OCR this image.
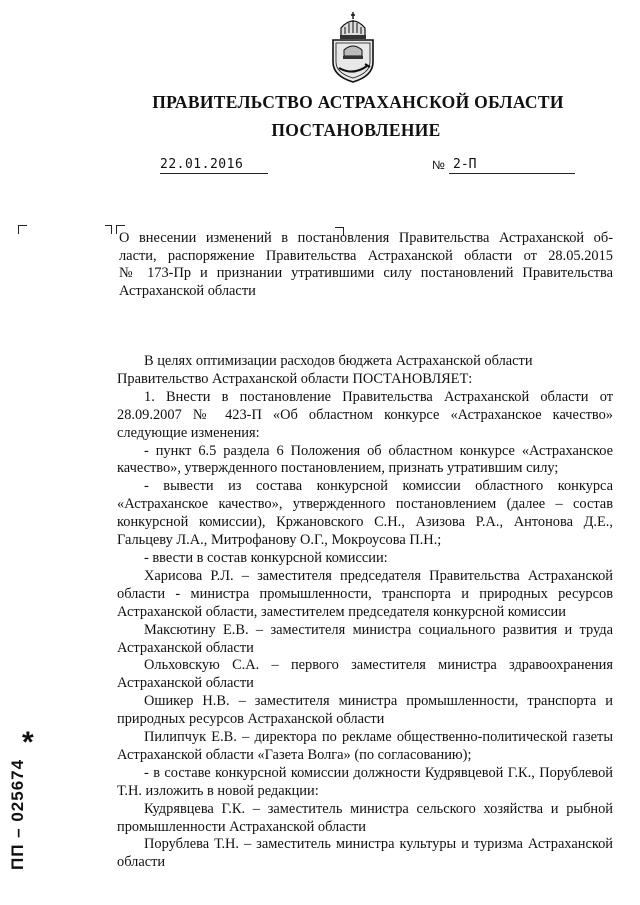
ПРАВИТЕЛЬСТВО АСТРАХАНСКОЙ ОБЛАСТИ
ПОСТАНОВЛЕНИЕ
22.01.2016	№ 2-П
О внесении изменений в постановления Правительства Астраханской об-
ласти, распоряжение Правительства Астраханской области от 28.05.2015
№ 173-Пр и признании утратившими силу постановлений Правительства
Астраханской области

В целях оптимизации расходов бюджета Астраханской области

Правительство Астраханской области ПОСТАНОВЛЯЕТ:

1. Внести в постановление Правительства Астраханской области от 28.09.2007 № 423-П «Об областном конкурсе «Астраханское качество» следующие изменения:

- пункт 6.5 раздела 6 Положения об областном конкурсе «Астраханское качество», утвержденного постановлением, признать утратившим силу;

- вывести из состава конкурсной комиссии областного конкурса «Астраханское качество», утвержденного постановлением (далее – состав конкурсной комиссии), Кржановского С.Н., Азизова Р.А., Антонова Д.Е., Гальцеву Л.А., Митрофанову О.Г., Мокроусова П.Н.;

- ввести в состав конкурсной комиссии:

Харисова Р.Л. – заместителя председателя Правительства Астраханской области - министра промышленности, транспорта и природных ресурсов Астраханской области, заместителем председателя конкурсной комиссии

Максютину Е.В. – заместителя министра социального развития и труда Астраханской области

Ольховскую С.А. – первого заместителя министра здравоохранения Астраханской области

Ошикер Н.В. – заместителя министра промышленности, транспорта и природных ресурсов Астраханской области

Пилипчук Е.В. – директора по рекламе общественно-политической газеты Астраханской области «Газета Волга» (по согласованию);

- в составе конкурсной комиссии должности Кудрявцевой Г.К., Порублевой Т.Н. изложить в новой редакции:

Кудрявцева Г.К. – заместитель министра сельского хозяйства и рыбной промышленности Астраханской области

Порублева Т.Н. – заместитель министра культуры и туризма Астраханской области

ПП – 025674
*
